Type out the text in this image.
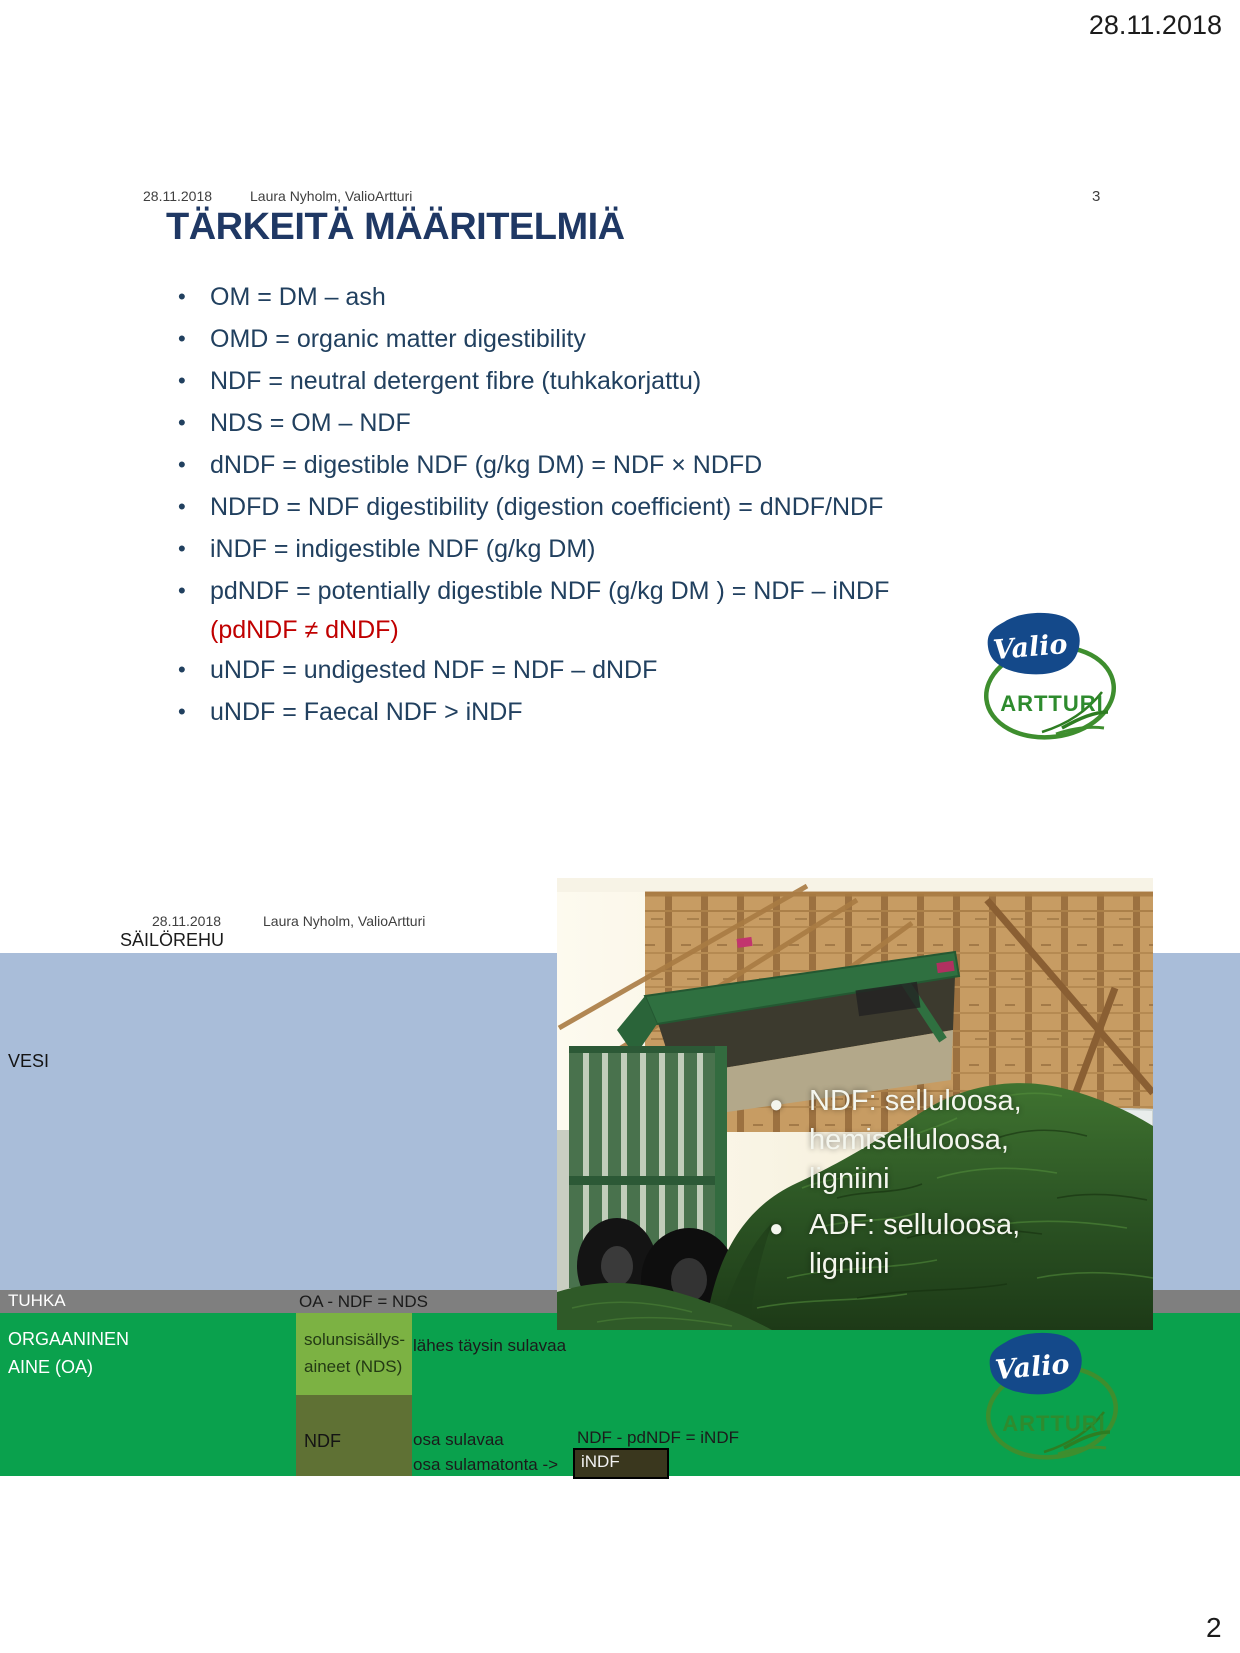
28.11.2018
2
28.11.2018	Laura Nyholm, ValioArtturi	3
TÄRKEITÄ MÄÄRITELMIÄ
• OM = DM – ash
• OMD = organic matter digestibility
• NDF = neutral detergent fibre (tuhkakorjattu)
• NDS = OM – NDF
• dNDF = digestible NDF (g/kg DM) = NDF × NDFD
• NDFD = NDF digestibility (digestion coefficient) = dNDF/NDF
• iNDF = indigestible NDF (g/kg DM)
• pdNDF = potentially digestible NDF (g/kg DM ) = NDF – iNDF
(pdNDF ≠ dNDF)
• uNDF = undigested NDF = NDF – dNDF
• uNDF = Faecal NDF > iNDF
Valio
ARTTURI
28.11.2018	Laura Nyholm, ValioArtturi
SÄILÖREHU
VESI
TUHKA
ORGAANINEN
AINE (OA)
OA - NDF = NDS
solunsisällys-
aineet (NDS)
NDF
lähes täysin sulavaa
osa sulavaa
osa sulamatonta ->
NDF - pdNDF = iNDF
iNDF
● NDF: selluloosa,
hemiselluloosa,
ligniini
● ADF: selluloosa,
ligniini
Valio
ARTTURI
